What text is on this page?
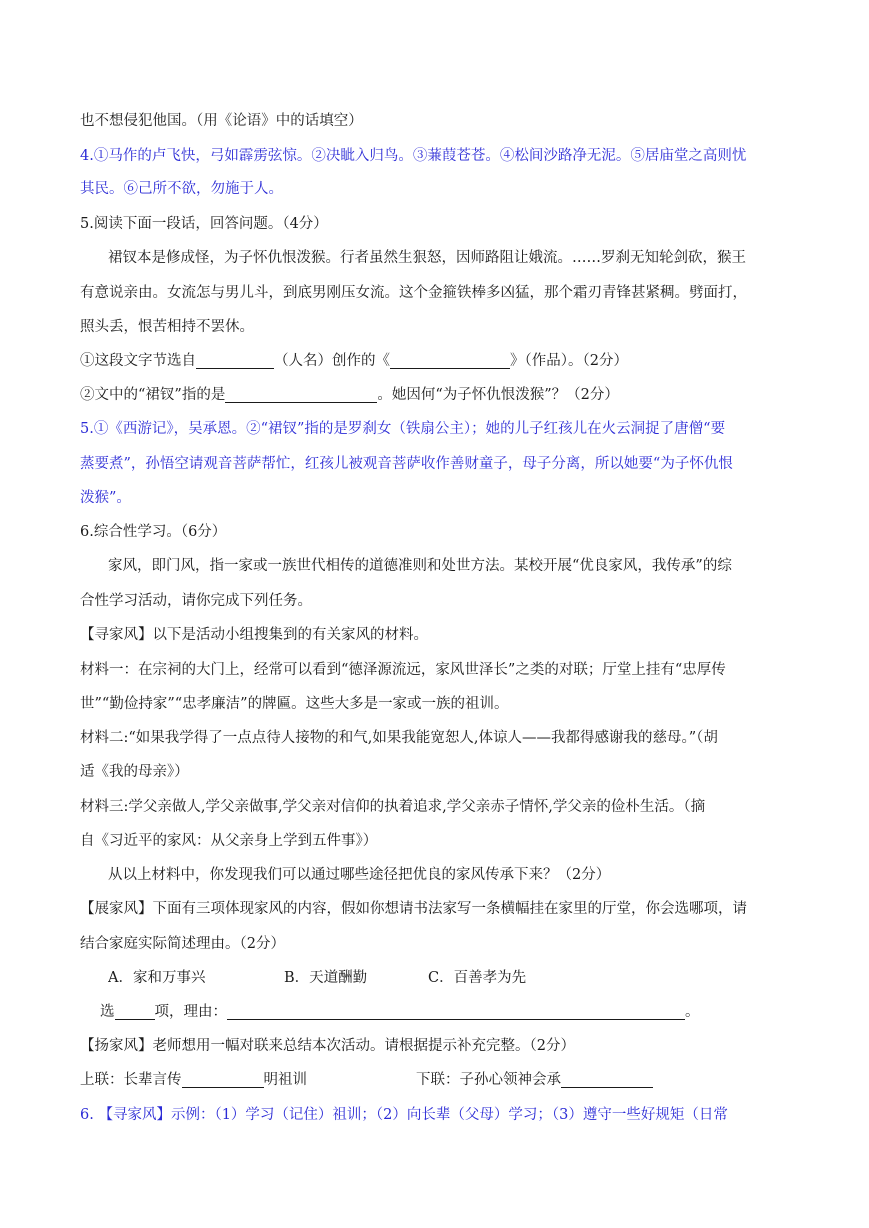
也不想侵犯他国。（用《论语》中的话填空）
4.①马作的卢飞快，弓如霹雳弦惊。②决眦入归鸟。③蒹葭苍苍。④松间沙路净无泥。⑤居庙堂之高则忧
其民。⑥己所不欲，勿施于人。
5.阅读下面一段话，回答问题。（4分）
裙钗本是修成怪，为子怀仇恨泼猴。行者虽然生狠怒，因师路阻让娥流。……罗刹无知轮剑砍，猴王
有意说亲由。女流怎与男儿斗，到底男刚压女流。这个金箍铁棒多凶猛，那个霜刃青锋甚紧稠。劈面打，
照头丢，恨苦相持不罢休。
①这段文字节选自	（人名）创作的《	》（作品）。（2分）
②文中的“裙钗”指的是	。她因何“为子怀仇恨泼猴”？（2分）
5.①《西游记》，吴承恩。②“裙钗”指的是罗刹女（铁扇公主）；她的儿子红孩儿在火云洞捉了唐僧“要
蒸要煮”，孙悟空请观音菩萨帮忙，红孩儿被观音菩萨收作善财童子，母子分离，所以她要“为子怀仇恨
泼猴”。
6.综合性学习。（6分）
家风，即门风，指一家或一族世代相传的道德准则和处世方法。某校开展“优良家风，我传承”的综
合性学习活动，请你完成下列任务。
【寻家风】以下是活动小组搜集到的有关家风的材料。
材料一：在宗祠的大门上，经常可以看到“德泽源流远，家风世泽长”之类的对联；厅堂上挂有“忠厚传
世”“勤俭持家”“忠孝廉洁”的牌匾。这些大多是一家或一族的祖训。
材料二:“如果我学得了一点点待人接物的和气,如果我能宽恕人,体谅人——我都得感谢我的慈母。”（胡
适《我的母亲》）
材料三:学父亲做人,学父亲做事,学父亲对信仰的执着追求,学父亲赤子情怀,学父亲的俭朴生活。（摘
自《习近平的家风：从父亲身上学到五件事》）
从以上材料中，你发现我们可以通过哪些途径把优良的家风传承下来？（2分）
【展家风】下面有三项体现家风的内容，假如你想请书法家写一条横幅挂在家里的厅堂，你会选哪项，请
结合家庭实际简述理由。（2分）
A．家和万事兴	B．天道酬勤	C．百善孝为先
选	项，理由：	。
【扬家风】老师想用一幅对联来总结本次活动。请根据提示补充完整。（2分）
上联：长辈言传	明祖训	下联：子孙心领神会承
6. 【寻家风】示例：（1）学习（记住）祖训；（2）向长辈（父母）学习；（3）遵守一些好规矩（日常
